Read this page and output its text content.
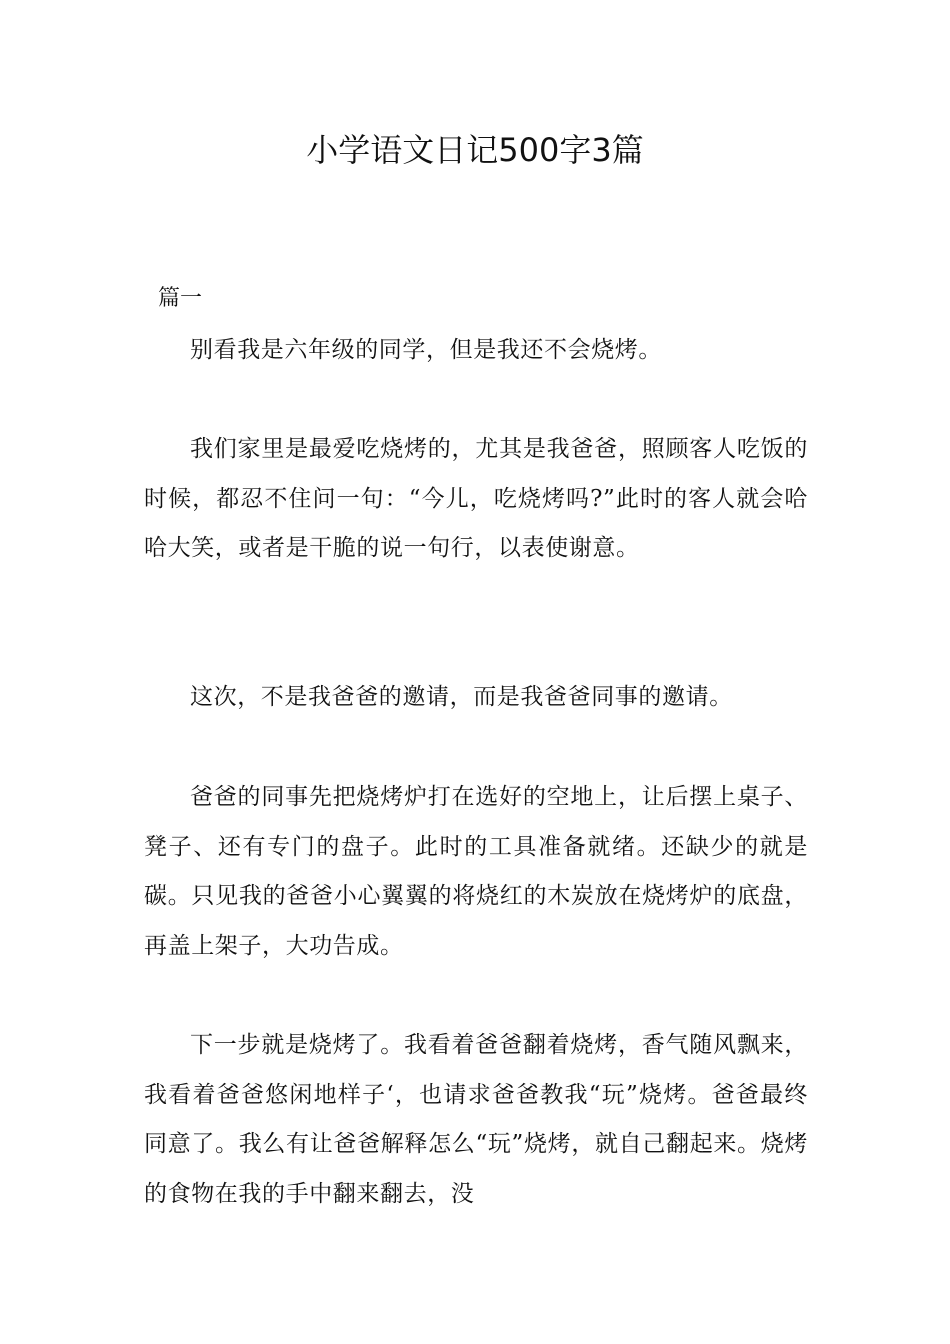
小学语文日记500字3篇

篇一

别看我是六年级的同学，但是我还不会烧烤。

我们家里是最爱吃烧烤的，尤其是我爸爸，照顾客人吃饭的时候，都忍不住问一句：“今儿，吃烧烤吗?”此时的客人就会哈哈大笑，或者是干脆的说一句行，以表使谢意。

这次，不是我爸爸的邀请，而是我爸爸同事的邀请。

爸爸的同事先把烧烤炉打在选好的空地上，让后摆上桌子、凳子、还有专门的盘子。此时的工具准备就绪。还缺少的就是碳。只见我的爸爸小心翼翼的将烧红的木炭放在烧烤炉的底盘，再盖上架子，大功告成。

下一步就是烧烤了。我看着爸爸翻着烧烤，香气随风飘来，我看着爸爸悠闲地样子‘，也请求爸爸教我“玩”烧烤。爸爸最终同意了。我么有让爸爸解释怎么“玩”烧烤，就自己翻起来。烧烤的食物在我的手中翻来翻去，没
